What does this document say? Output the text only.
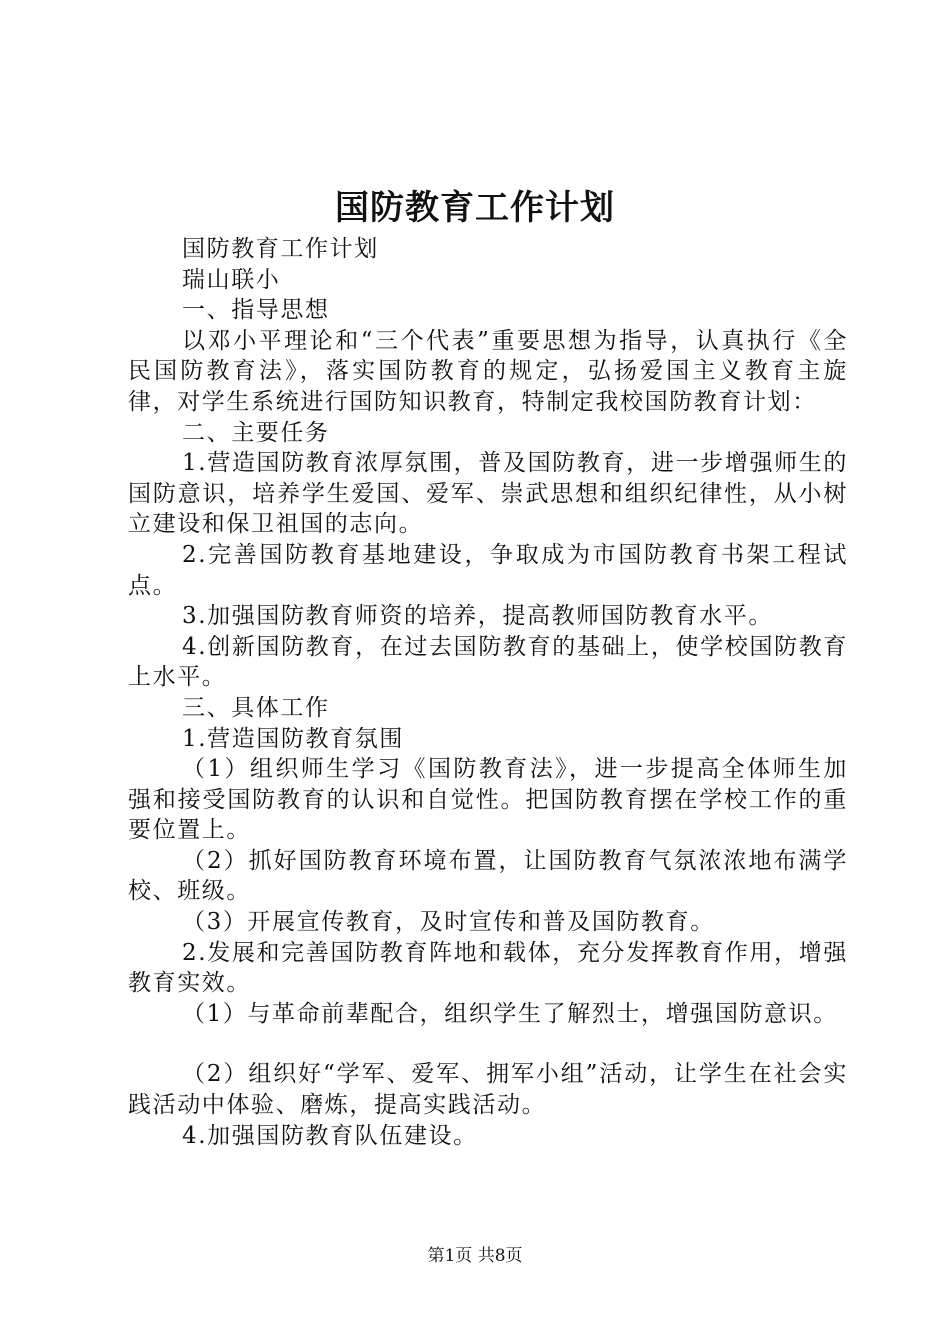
国防教育工作计划

国防教育工作计划

瑞山联小

一、指导思想

以邓小平理论和“三个代表”重要思想为指导，认真执行《全民国防教育法》，落实国防教育的规定，弘扬爱国主义教育主旋律，对学生系统进行国防知识教育，特制定我校国防教育计划：

二、主要任务

1.营造国防教育浓厚氛围，普及国防教育，进一步增强师生的国防意识，培养学生爱国、爱军、崇武思想和组织纪律性，从小树立建设和保卫祖国的志向。

2.完善国防教育基地建设，争取成为市国防教育书架工程试点。

3.加强国防教育师资的培养，提高教师国防教育水平。

4.创新国防教育，在过去国防教育的基础上，使学校国防教育上水平。

三、具体工作

1.营造国防教育氛围

（1）组织师生学习《国防教育法》，进一步提高全体师生加强和接受国防教育的认识和自觉性。把国防教育摆在学校工作的重要位置上。

（2）抓好国防教育环境布置，让国防教育气氛浓浓地布满学校、班级。

（3）开展宣传教育，及时宣传和普及国防教育。

2.发展和完善国防教育阵地和载体，充分发挥教育作用，增强教育实效。

（1）与革命前辈配合，组织学生了解烈士，增强国防意识。

（2）组织好“学军、爱军、拥军小组”活动，让学生在社会实践活动中体验、磨炼，提高实践活动。

4.加强国防教育队伍建设。

第1页 共8页
